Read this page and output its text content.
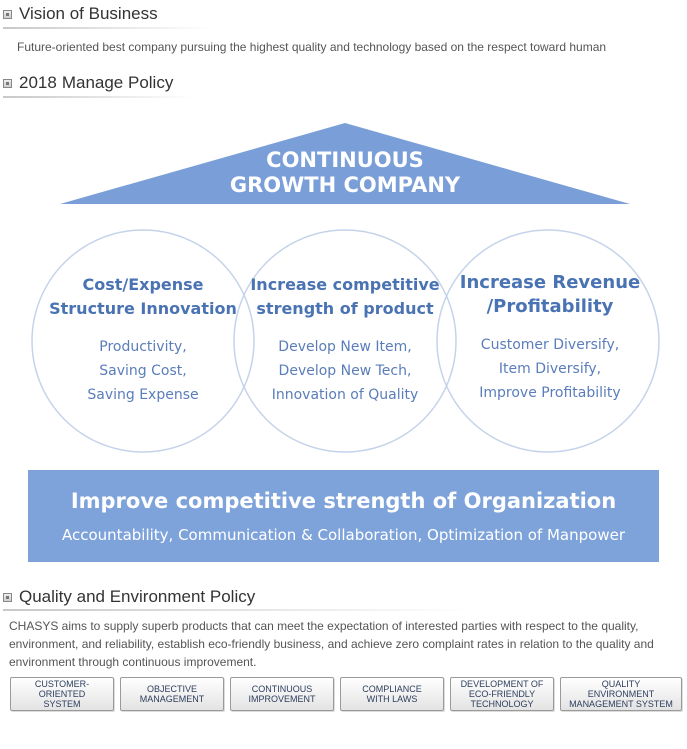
Vision of Business
Future-oriented best company pursuing the highest quality and technology based on the respect toward human
2018 Manage Policy
CONTINUOUS
GROWTH COMPANY
Cost/Expense
Structure Innovation
Productivity,
Saving Cost,
Saving Expense
Increase competitive
strength of product
Develop New Item,
Develop New Tech,
Innovation of Quality
Increase Revenue
/Profitability
Customer Diversify,
Item Diversify,
Improve Profitability
Improve competitive strength of Organization
Accountability, Communication & Collaboration, Optimization of Manpower
Quality and Environment Policy
CHASYS aims to supply superb products that can meet the expectation of interested parties with respect to the quality, environment, and reliability, establish eco-friendly business, and achieve zero complaint rates in relation to the quality and environment through continuous improvement.
CUSTOMER-ORIENTED
SYSTEM
OBJECTIVE
MANAGEMENT
CONTINUOUS
IMPROVEMENT
COMPLIANCE
WITH LAWS
DEVELOPMENT OF
ECO-FRIENDLY
TECHNOLOGY
QUALITY
ENVIRONMENT
MANAGEMENT SYSTEM
